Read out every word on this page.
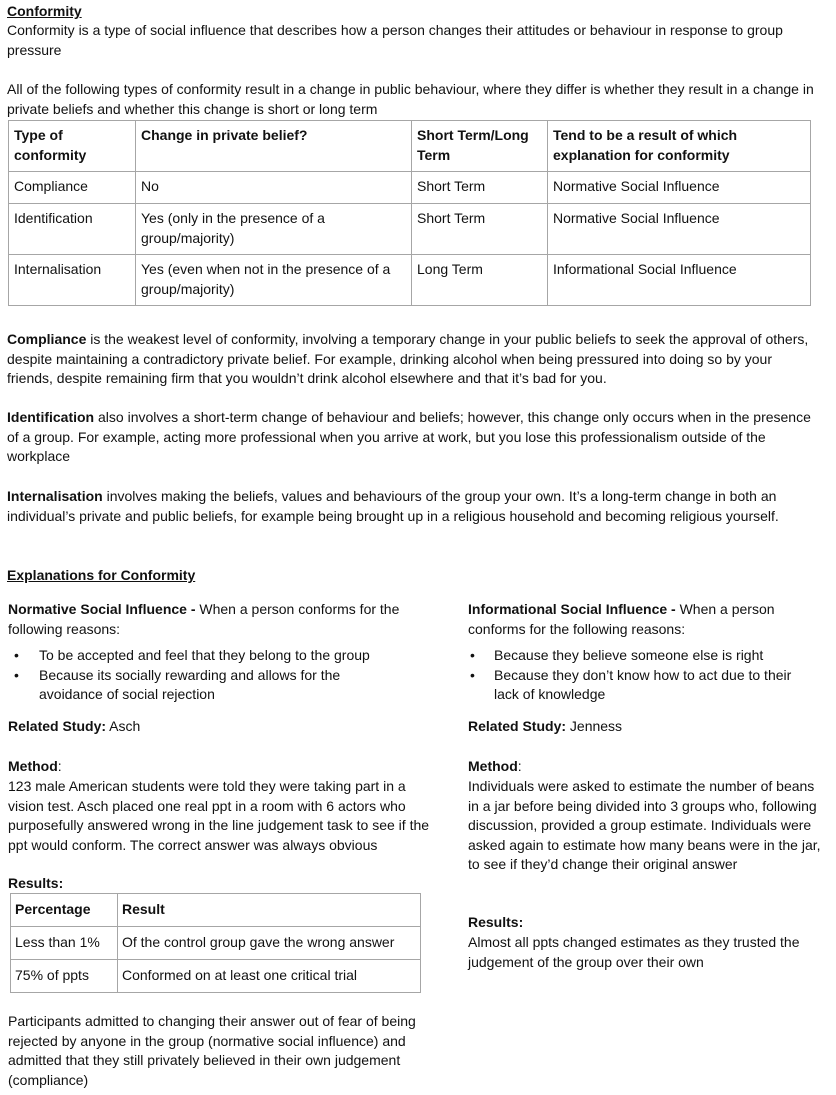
Conformity

Conformity is a type of social influence that describes how a person changes their attitudes or behaviour in response to group pressure

All of the following types of conformity result in a change in public behaviour, where they differ is whether they result in a change in private beliefs and whether this change is short or long term

Type of conformity	Change in private belief?	Short Term/Long Term	Tend to be a result of which explanation for conformity
Compliance	No	Short Term	Normative Social Influence
Identification	Yes (only in the presence of a group/majority)	Short Term	Normative Social Influence
Internalisation	Yes (even when not in the presence of a group/majority)	Long Term	Informational Social Influence

Compliance is the weakest level of conformity, involving a temporary change in your public beliefs to seek the approval of others, despite maintaining a contradictory private belief. For example, drinking alcohol when being pressured into doing so by your friends, despite remaining firm that you wouldn’t drink alcohol elsewhere and that it’s bad for you.

Identification also involves a short-term change of behaviour and beliefs; however, this change only occurs when in the presence of a group. For example, acting more professional when you arrive at work, but you lose this professionalism outside of the workplace

Internalisation involves making the beliefs, values and behaviours of the group your own. It’s a long-term change in both an individual’s private and public beliefs, for example being brought up in a religious household and becoming religious yourself.

Explanations for Conformity

Normative Social Influence - When a person conforms for the following reasons:

• To be accepted and feel that they belong to the group
• Because its socially rewarding and allows for the avoidance of social rejection

Related Study: Asch

Method:

123 male American students were told they were taking part in a vision test. Asch placed one real ppt in a room with 6 actors who purposefully answered wrong in the line judgement task to see if the ppt would conform. The correct answer was always obvious

Results:

Percentage	Result
Less than 1%	Of the control group gave the wrong answer
75% of ppts	Conformed on at least one critical trial

Participants admitted to changing their answer out of fear of being rejected by anyone in the group (normative social influence) and admitted that they still privately believed in their own judgement (compliance)

Informational Social Influence - When a person conforms for the following reasons:

• Because they believe someone else is right
• Because they don’t know how to act due to their lack of knowledge

Related Study: Jenness

Method:

Individuals were asked to estimate the number of beans in a jar before being divided into 3 groups who, following discussion, provided a group estimate. Individuals were asked again to estimate how many beans were in the jar, to see if they’d change their original answer

Results:

Almost all ppts changed estimates as they trusted the judgement of the group over their own
